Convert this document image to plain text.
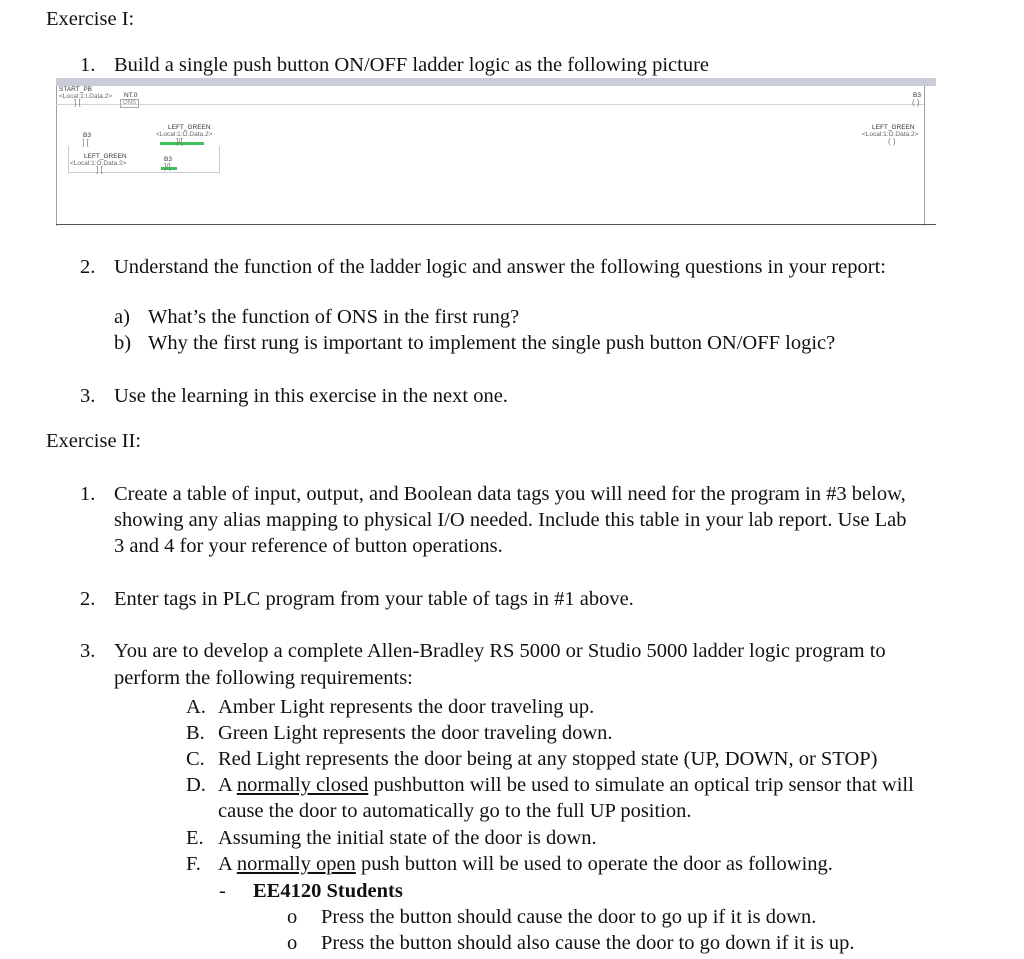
Exercise I:
1. Build a single push button ON/OFF ladder logic as the following picture
START_PB
<Local:1:I.Data.2>
] [
NT.0
ONS
B3
( )
LEFT_GREEN
<Local:1:O.Data.2>
]/[
LEFT_GREEN
<Local:1:O.Data.2>
( )
B3
] [
LEFT_GREEN
<Local:1:O.Data.2>
] [
B3
]/[
2. Understand the function of the ladder logic and answer the following questions in your report:
a) What’s the function of ONS in the first rung?
b) Why the first rung is important to implement the single push button ON/OFF logic?
3. Use the learning in this exercise in the next one.
Exercise II:
1. Create a table of input, output, and Boolean data tags you will need for the program in #3 below,
showing any alias mapping to physical I/O needed. Include this table in your lab report. Use Lab
3 and 4 for your reference of button operations.
2. Enter tags in PLC program from your table of tags in #1 above.
3. You are to develop a complete Allen-Bradley RS 5000 or Studio 5000 ladder logic program to
perform the following requirements:
A. Amber Light represents the door traveling up.
B. Green Light represents the door traveling down.
C. Red Light represents the door being at any stopped state (UP, DOWN, or STOP)
D. A normally closed pushbutton will be used to simulate an optical trip sensor that will
cause the door to automatically go to the full UP position.
E. Assuming the initial state of the door is down.
F. A normally open push button will be used to operate the door as following.
- EE4120 Students
o Press the button should cause the door to go up if it is down.
o Press the button should also cause the door to go down if it is up.
